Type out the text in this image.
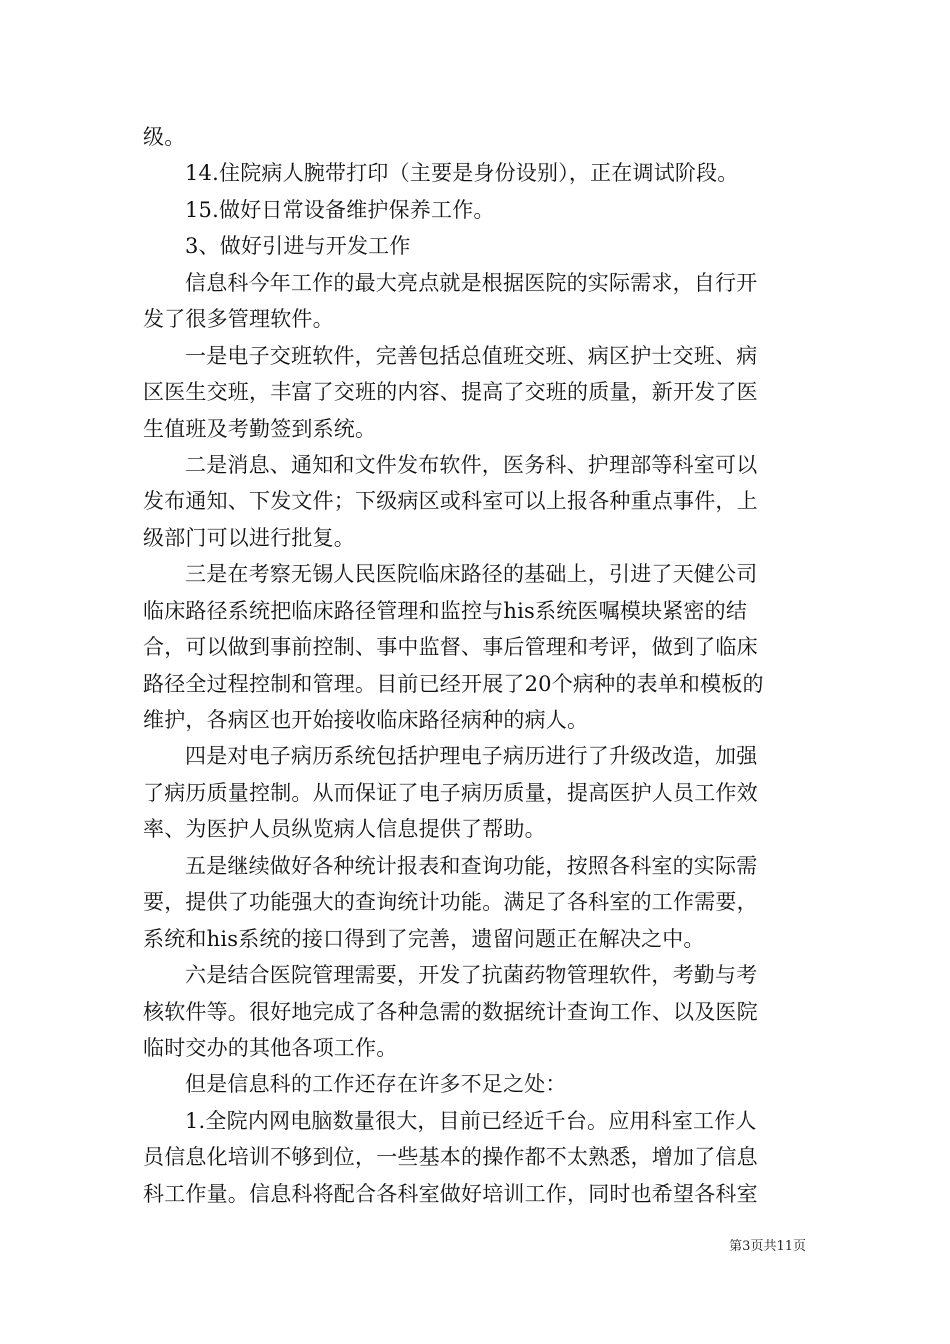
级。
14.住院病人腕带打印（主要是身份设别），正在调试阶段。
15.做好日常设备维护保养工作。
3、做好引进与开发工作
信息科今年工作的最大亮点就是根据医院的实际需求，自行开
发了很多管理软件。
一是电子交班软件，完善包括总值班交班、病区护士交班、病
区医生交班，丰富了交班的内容、提高了交班的质量，新开发了医
生值班及考勤签到系统。
二是消息、通知和文件发布软件，医务科、护理部等科室可以
发布通知、下发文件；下级病区或科室可以上报各种重点事件，上
级部门可以进行批复。
三是在考察无锡人民医院临床路径的基础上，引进了天健公司
临床路径系统把临床路径管理和监控与his系统医嘱模块紧密的结
合，可以做到事前控制、事中监督、事后管理和考评，做到了临床
路径全过程控制和管理。目前已经开展了20个病种的表单和模板的
维护，各病区也开始接收临床路径病种的病人。
四是对电子病历系统包括护理电子病历进行了升级改造，加强
了病历质量控制。从而保证了电子病历质量，提高医护人员工作效
率、为医护人员纵览病人信息提供了帮助。
五是继续做好各种统计报表和查询功能，按照各科室的实际需
要，提供了功能强大的查询统计功能。满足了各科室的工作需要，
系统和his系统的接口得到了完善，遗留问题正在解决之中。
六是结合医院管理需要，开发了抗菌药物管理软件，考勤与考
核软件等。很好地完成了各种急需的数据统计查询工作、以及医院
临时交办的其他各项工作。
但是信息科的工作还存在许多不足之处：
1.全院内网电脑数量很大，目前已经近千台。应用科室工作人
员信息化培训不够到位，一些基本的操作都不太熟悉，增加了信息
科工作量。信息科将配合各科室做好培训工作，同时也希望各科室
第3页共11页
